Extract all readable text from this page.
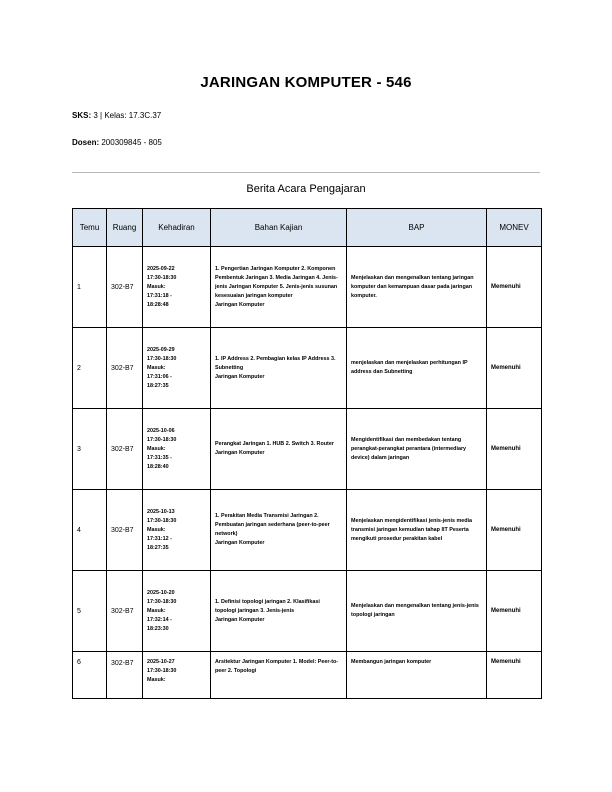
JARINGAN KOMPUTER - 546
SKS: 3 | Kelas: 17.3C.37
Dosen: 200309845 - 805
Berita Acara Pengajaran
Temu	Ruang	Kehadiran	Bahan Kajian	BAP	MONEV
1	302-B7	2025-09-22
17:30-18:30
Masuk:
17:31:18 -
18:28:48	1. Pengertian Jaringan Komputer 2. Komponen Pembentuk Jaringan 3. Media Jaringan 4. Jenis-jenis Jaringan Komputer 5. Jenis-jenis susunan kesesuaian jaringan komputer
Jaringan Komputer	Menjelaskan dan mengenalkan tentang jaringan komputer dan kemampuan dasar pada jaringan komputer.	Memenuhi
2	302-B7	2025-09-29
17:30-18:30
Masuk:
17:31:06 -
18:27:35	1. IP Address 2. Pembagian kelas IP Address 3. Subnetting
Jaringan Komputer	menjelaskan dan menjelaskan perhitungan IP address dan Subnetting	Memenuhi
3	302-B7	2025-10-06
17:30-18:30
Masuk:
17:31:35 -
18:28:40	Perangkat Jaringan 1. HUB 2. Switch 3. Router
Jaringan Komputer	Mengidentifikasi dan membedakan tentang perangkat-perangkat perantara (intermediary device) dalam jaringan	Memenuhi
4	302-B7	2025-10-13
17:30-18:30
Masuk:
17:31:12 -
18:27:35	1. Perakitan Media Transmisi Jaringan 2. Pembuatan jaringan sederhana (peer-to-peer network)
Jaringan Komputer	Menjelaskan mengidentifikasi jenis-jenis media transmisi jaringan kemudian tahap IIT Peserta mengikuti prosedur perakitan kabel	Memenuhi
5	302-B7	2025-10-20
17:30-18:30
Masuk:
17:32:14 -
18:23:30	1. Definisi topologi jaringan 2. Klasifikasi topologi jaringan 3. Jenis-jenis
Jaringan Komputer	Menjelaskan dan mengenalkan tentang jenis-jenis topologi jaringan	Memenuhi
6	302-B7	2025-10-27
17:30-18:30
Masuk:	Arsitektur Jaringan Komputer 1. Model: Peer-to-peer 2. Topologi	Membangun jaringan komputer	Memenuhi
